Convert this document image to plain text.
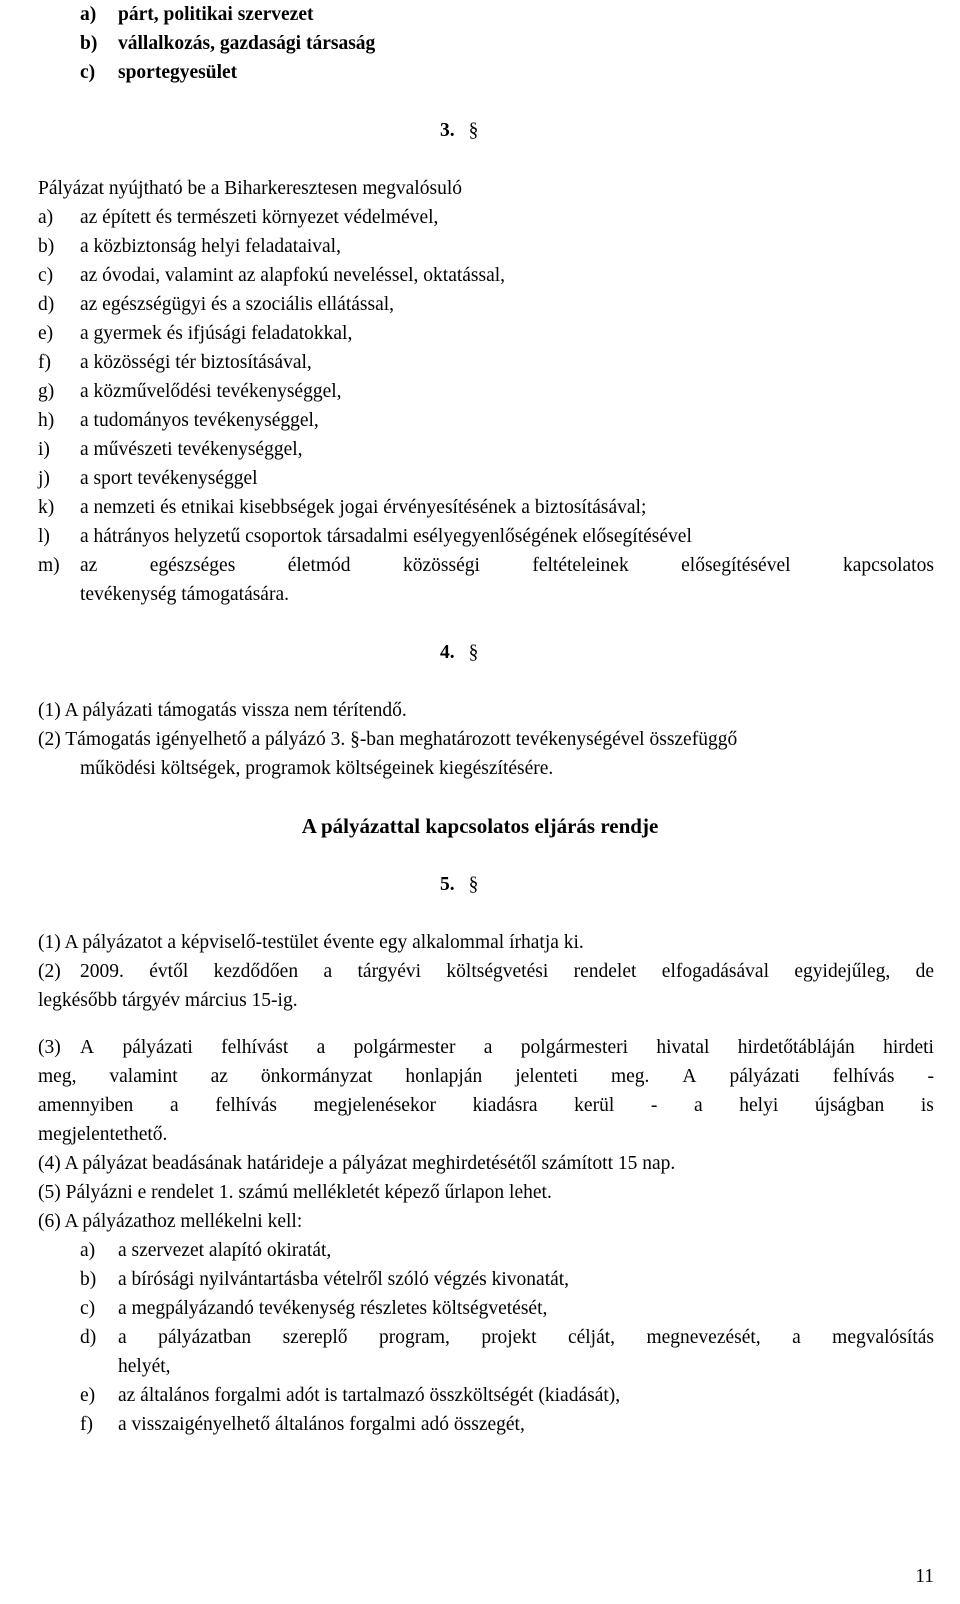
a) párt, politikai szervezet
b) vállalkozás, gazdasági társaság
c) sportegyesület
3. §
Pályázat nyújtható be a Biharkeresztesen megvalósuló
a) az épített és természeti környezet védelmével,
b) a közbiztonság helyi feladataival,
c) az óvodai, valamint az alapfokú neveléssel, oktatással,
d) az egészségügyi és a szociális ellátással,
e) a gyermek és ifjúsági feladatokkal,
f) a közösségi tér biztosításával,
g) a közművelődési tevékenységgel,
h) a tudományos tevékenységgel,
i) a művészeti tevékenységgel,
j) a sport tevékenységgel
k) a nemzeti és etnikai kisebbségek jogai érvényesítésének a biztosításával;
l) a hátrányos helyzetű csoportok társadalmi esélyegyenlőségének elősegítésével
m) az	egészséges	életmód	közösségi	feltételeinek	elősegítésével	kapcsolatos
tevékenység támogatására.
4. §
(1) A pályázati támogatás vissza nem térítendő.
(2) Támogatás igényelhető a pályázó 3. §-ban meghatározott tevékenységével összefüggő
működési költségek, programok költségeinek kiegészítésére.
A pályázattal kapcsolatos eljárás rendje
5. §
(1) A pályázatot a képviselő-testület évente egy alkalommal írhatja ki.
(2) 2009. évtől kezdődően a tárgyévi költségvetési rendelet elfogadásával egyidejűleg, de
legkésőbb tárgyév március 15-ig.
(3) A pályázati felhívást a polgármester a polgármesteri hivatal hirdetőtábláján hirdeti
meg, valamint az önkormányzat honlapján jelenteti meg. A pályázati felhívás -
amennyiben a felhívás megjelenésekor kiadásra kerül - a helyi újságban is
megjelentethető.
(4) A pályázat beadásának határideje a pályázat meghirdetésétől számított 15 nap.
(5) Pályázni e rendelet 1. számú mellékletét képező űrlapon lehet.
(6) A pályázathoz mellékelni kell:
a) a szervezet alapító okiratát,
b) a bírósági nyilvántartásba vételről szóló végzés kivonatát,
c) a megpályázandó tevékenység részletes költségvetését,
d) a pályázatban szereplő program, projekt célját, megnevezését, a megvalósítás
helyét,
e) az általános forgalmi adót is tartalmazó összköltségét (kiadását),
f) a visszaigényelhető általános forgalmi adó összegét,
11
